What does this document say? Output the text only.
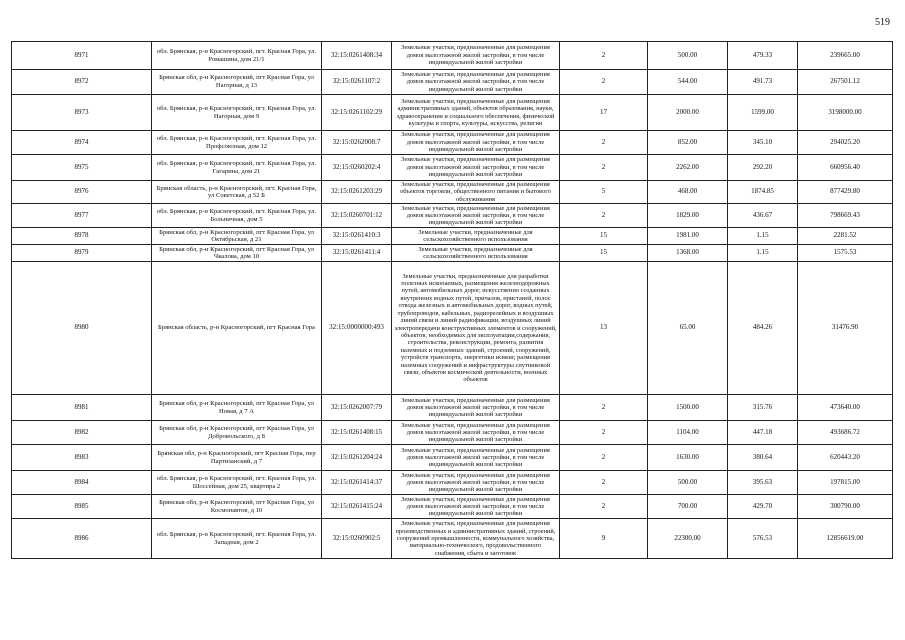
519
8971	обл. Брянская, р-н Красногорский, пгт. Красная Гора, ул. Ромашина, дом 21/1	32:15:0261408:34	Земельные участки, предназначенные для размещения домов малоэтажной жилой застройки, в том числе индивидуальной жилой застройки	2	500.00	479.33	239665.00
8972	Брянская обл, р-н Красногорский, пгт Красная Гора, ул Нагорная, д 13	32:15:0261107:2	Земельные участки, предназначенные для размещения домов малоэтажной жилой застройки, в том числе индивидуальной жилой застройки	2	544.00	491.73	267501.12
8973	обл. Брянская, р-н Красногорский, пгт. Красная Гора, ул. Нагорная, дом 9	32:15:0261102:29	Земельные участки, предназначенные для размещения административных зданий, объектов образования, науки, здравоохранения и социального обеспечения, физической культуры и спорта, культуры, искусства, религии	17	2000.00	1599.00	3198000.00
8974	обл. Брянская, р-н Красногорский, пгт. Красная Гора, ул. Профсоюзная, дом 12	32:15:0262008:7	Земельные участки, предназначенные для размещения домов малоэтажной жилой застройки, в том числе индивидуальной жилой застройки	2	852.00	345.10	294025.20
8975	обл. Брянская, р-н Красногорский, пгт. Красная Гора, ул. Гагарина, дом 21	32:15:0260202:4	Земельные участки, предназначенные для размещения домов малоэтажной жилой застройки, в том числе индивидуальной жилой застройки	2	2262.00	292.20	660956.40
8976	Брянская область, р-н Красногорский, пгт. Красная Гора, ул Советская, д 52 Б	32:15:0261203:29	Земельные участки, предназначенные для размещения объектов торговли, общественного питания и бытового обслуживания	5	468.00	1874.85	877429.80
8977	обл. Брянская, р-н Красногорский, пгт. Красная Гора, ул. Больничная, дом 5	32:15:0260701:12	Земельные участки, предназначенные для размещения домов малоэтажной жилой застройки, в том числе индивидуальной жилой застройки	2	1829.00	436.67	798669.43
8978	Брянская обл, р-н Красногорский, пгт Красная Гора, ул Октябрьская, д 21	32:15:0261410:3	Земельные участки, предназначенные для сельскохозяйственного использования	15	1981.00	1.15	2281.52
8979	Брянская обл, р-н Красногорский, пгт Красная Гора, ул Чкалова, дом 10	32:15:0261411:4	Земельные участки, предназначенные для сельскохозяйственного использования	15	1368.00	1.15	1575.53
8980	Брянская область, р-н Красногорский, пгт Красная Гора	32:15:0000000:493	Земельные участки, предназначенные для разработки полезных ископаемых, размещения железнодорожных путей, автомобильных дорог, искусственно созданных внутренних водных путей, причалов, пристаней, полос отвода железных и автомобильных дорог, водных путей, трубопроводов, кабельных, радиорелейных и воздушных линий связи и линий радиофикации, воздушных линий электропередачи конструктивных элементов и сооружений, объектов, необходимых для эксплуатации,содержания, строительства, реконструкции, ремонта, развития наземных и подземных зданий, строений, сооружений, устройств транспорта, энергетики исвязи; размещения наземных сооружений и инфраструктуры спутниковой связи, объектов космической деятельности, военных объектов	13	65.00	484.26	31476.90
8981	Брянская обл, р-н Красногорский, пгт Красная Гора, ул Новая, д 7 А	32:15:0262007:79	Земельные участки, предназначенные для размещения домов малоэтажной жилой застройки, в том числе индивидуальной жилой застройки	2	1500.00	315.76	473640.00
8982	Брянская обл, р-н Красногорский, пгт Красная Гора, ул Добровольского, д 8	32:15:0261408:15	Земельные участки, предназначенные для размещения домов малоэтажной жилой застройки, в том числе индивидуальной жилой застройки	2	1104.00	447.18	493686.72
8983	Брянская обл, р-н Красногорский, пгт Красная Гора, пер Партизанский, д 7	32:15:0261204:24	Земельные участки, предназначенные для размещения домов малоэтажной жилой застройки, в том числе индивидуальной жилой застройки	2	1630.00	380.64	620443.20
8984	обл. Брянская, р-н Красногорский, пгт. Красная Гора, ул. Шоссейная, дом 25, квартира 2	32:15:0261414:37	Земельные участки, предназначенные для размещения домов малоэтажной жилой застройки, в том числе индивидуальной жилой застройки	2	500.00	395.63	197815.00
8985	Брянская обл, р-н Красногорский, пгт Красная Гора, ул Космонавтов, д 10	32:15:0261415:24	Земельные участки, предназначенные для размещения домов малоэтажной жилой застройки, в том числе индивидуальной жилой застройки	2	700.00	429.70	300790.00
8986	обл. Брянская, р-н Красногорский, пгт. Красная Гора, ул. Западная, дом 2	32:15:0260902:5	Земельные участки, предназначенные для размещения производственных и административных зданий, строений, сооружений промышленности, коммунального хозяйства, материально-технического, продовольственного снабжения, сбыта и заготовок	9	22300.00	576.53	12856619.00
